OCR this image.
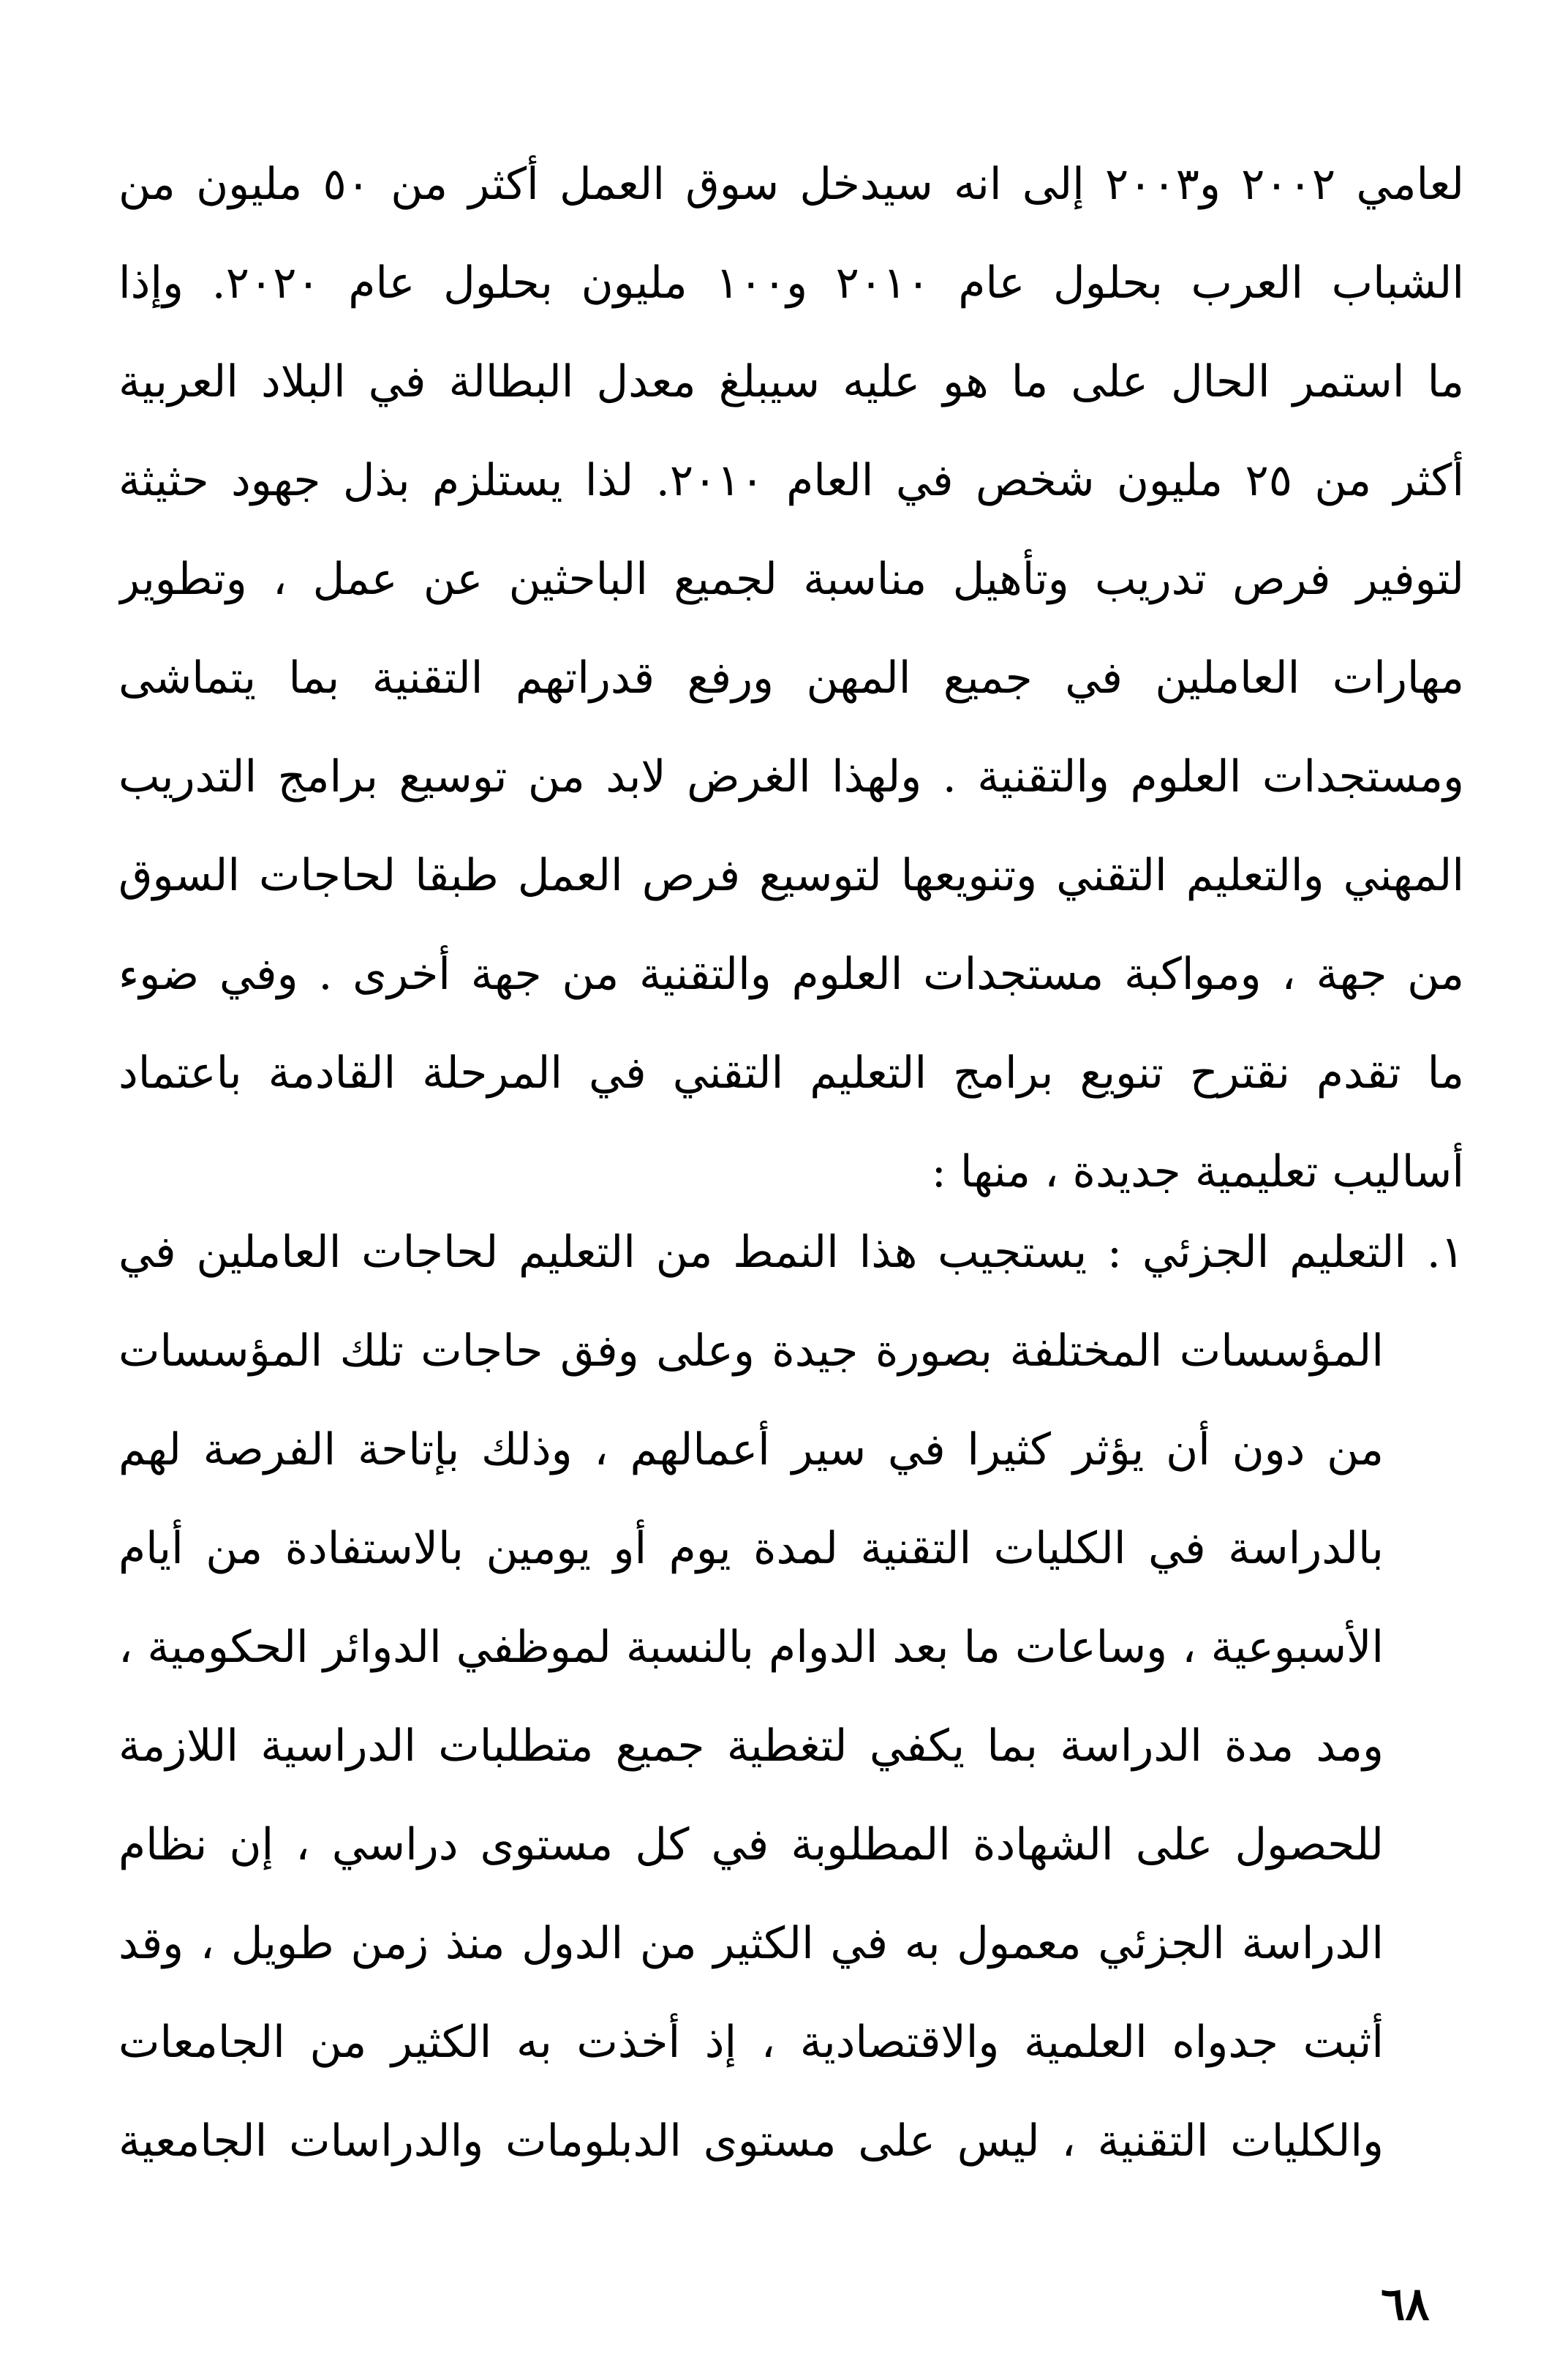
لعامي ٢٠٠٢ و٢٠٠٣ إلى انه سيدخل سوق العمل أكثر من ٥٠ مليون من
الشباب العرب بحلول عام ٢٠١٠ و١٠٠ مليون بحلول عام ٢٠٢٠. وإذا
ما استمر الحال على ما هو عليه سيبلغ معدل البطالة في البلاد العربية
أكثر من ٢٥ مليون شخص في العام ٢٠١٠. لذا يستلزم بذل جهود حثيثة
لتوفير فرص تدريب وتأهيل مناسبة لجميع الباحثين عن عمل ، وتطوير
مهارات العاملين في جميع المهن ورفع قدراتهم التقنية بما يتماشى
ومستجدات العلوم والتقنية . ولهذا الغرض لابد من توسيع برامج التدريب
المهني والتعليم التقني وتنويعها لتوسيع فرص العمل طبقا لحاجات السوق
من جهة ، ومواكبة مستجدات العلوم والتقنية من جهة أخرى . وفي ضوء
ما تقدم نقترح تنويع برامج التعليم التقني في المرحلة القادمة باعتماد
أساليب تعليمية جديدة ، منها :
١. التعليم الجزئي : يستجيب هذا النمط من التعليم لحاجات العاملين في
المؤسسات المختلفة بصورة جيدة وعلى وفق حاجات تلك المؤسسات
من دون أن يؤثر كثيرا في سير أعمالهم ، وذلك بإتاحة الفرصة لهم
بالدراسة في الكليات التقنية لمدة يوم أو يومين بالاستفادة من أيام
الأسبوعية ، وساعات ما بعد الدوام بالنسبة لموظفي الدوائر الحكومية ،
ومد مدة الدراسة بما يكفي لتغطية جميع متطلبات الدراسية اللازمة
للحصول على الشهادة المطلوبة في كل مستوى دراسي ، إن نظام
الدراسة الجزئي معمول به في الكثير من الدول منذ زمن طويل ، وقد
أثبت جدواه العلمية والاقتصادية ، إذ أخذت به الكثير من الجامعات
والكليات التقنية ، ليس على مستوى الدبلومات والدراسات الجامعية
٦٨
